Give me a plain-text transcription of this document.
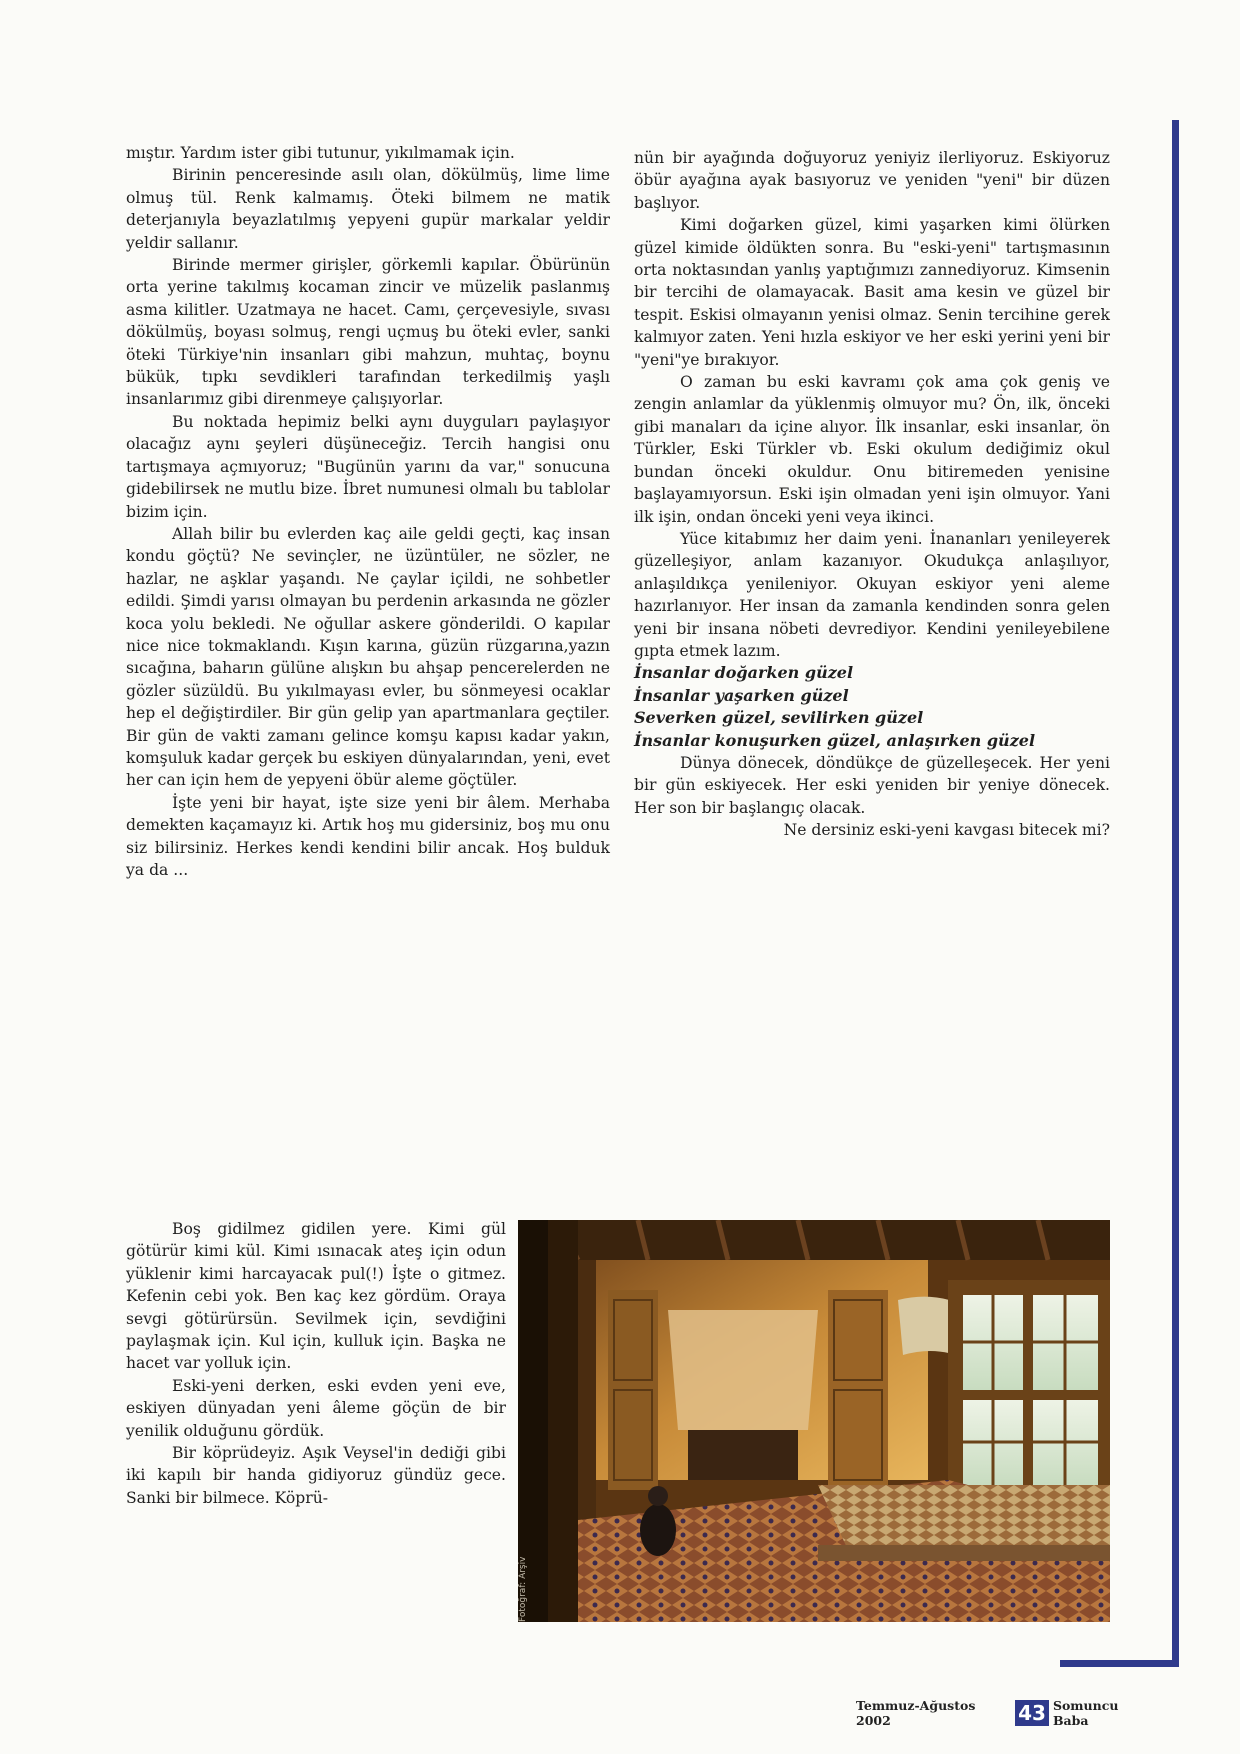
mıştır. Yardım ister gibi tutunur, yıkılmamak için.

Birinin penceresinde asılı olan, dökülmüş, lime lime olmuş tül. Renk kalmamış. Öteki bilmem ne matik deterjanıyla beyazlatılmış yepyeni gupür markalar yeldir yeldir sallanır.

Birinde mermer girişler, görkemli kapılar. Öbürünün orta yerine takılmış kocaman zincir ve müzelik paslanmış asma kilitler. Uzatmaya ne hacet. Camı, çerçevesiyle, sıvası dökülmüş, boyası solmuş, rengi uçmuş bu öteki evler, sanki öteki Türkiye'nin insanları gibi mahzun, muhtaç, boynu bükük, tıpkı sevdikleri tarafından terkedilmiş yaşlı insanlarımız gibi direnmeye çalışıyorlar.

Bu noktada hepimiz belki aynı duyguları paylaşıyor olacağız aynı şeyleri düşüneceğiz. Tercih hangisi onu tartışmaya açmıyoruz; "Bugünün yarını da var," sonucuna gidebilirsek ne mutlu bize. İbret numunesi olmalı bu tablolar bizim için.

Allah bilir bu evlerden kaç aile geldi geçti, kaç insan kondu göçtü? Ne sevinçler, ne üzüntüler, ne sözler, ne hazlar, ne aşklar yaşandı. Ne çaylar içildi, ne sohbetler edildi. Şimdi yarısı olmayan bu perdenin arkasında ne gözler koca yolu bekledi. Ne oğullar askere gönderildi. O kapılar nice nice tokmaklandı. Kışın karına, güzün rüzgarına,yazın sıcağına, baharın gülüne alışkın bu ahşap pencerelerden ne gözler süzüldü. Bu yıkılmayası evler, bu sönmeyesi ocaklar hep el değiştirdiler. Bir gün gelip yan apartmanlara geçtiler. Bir gün de vakti zamanı gelince komşu kapısı kadar yakın, komşuluk kadar gerçek bu eskiyen dünyalarından, yeni, evet her can için hem de yepyeni öbür aleme göçtüler.

İşte yeni bir hayat, işte size yeni bir âlem. Merhaba demekten kaçamayız ki. Artık hoş mu gidersiniz, boş mu onu siz bilirsiniz. Herkes kendi kendini bilir ancak. Hoş bulduk ya da ...

Boş gidilmez gidilen yere. Kimi gül götürür kimi kül. Kimi ısınacak ateş için odun yüklenir kimi harcayacak pul(!) İşte o gitmez. Kefenin cebi yok. Ben kaç kez gördüm. Oraya sevgi götürürsün. Sevilmek için, sevdiğini paylaşmak için. Kul için, kulluk için. Başka ne hacet var yolluk için.

Eski-yeni derken, eski evden yeni eve, eskiyen dünyadan yeni âleme göçün de bir yenilik olduğunu gördük.

Bir köprüdeyiz. Aşık Veysel'in dediği gibi iki kapılı bir handa gidiyoruz gündüz gece. Sanki bir bilmece. Köprü-

nün bir ayağında doğuyoruz yeniyiz ilerliyoruz. Eskiyoruz öbür ayağına ayak basıyoruz ve yeniden "yeni" bir düzen başlıyor.

Kimi doğarken güzel, kimi yaşarken kimi ölürken güzel kimide öldükten sonra. Bu "eski-yeni" tartışmasının orta noktasından yanlış yaptığımızı zannediyoruz. Kimsenin bir tercihi de olamayacak. Basit ama kesin ve güzel bir tespit. Eskisi olmayanın yenisi olmaz. Senin tercihine gerek kalmıyor zaten. Yeni hızla eskiyor ve her eski yerini yeni bir "yeni"ye bırakıyor.

O zaman bu eski kavramı çok ama çok geniş ve zengin anlamlar da yüklenmiş olmuyor mu? Ön, ilk, önceki gibi manaları da içine alıyor. İlk insanlar, eski insanlar, ön Türkler, Eski Türkler vb. Eski okulum dediğimiz okul bundan önceki okuldur. Onu bitiremeden yenisine başlayamıyorsun. Eski işin olmadan yeni işin olmuyor. Yani ilk işin, ondan önceki yeni veya ikinci.

Yüce kitabımız her daim yeni. İnananları yenileyerek güzelleşiyor, anlam kazanıyor. Okudukça anlaşılıyor, anlaşıldıkça yenileniyor. Okuyan eskiyor yeni aleme hazırlanıyor. Her insan da zamanla kendinden sonra gelen yeni bir insana nöbeti devrediyor. Kendini yenileyebilene gıpta etmek lazım.

İnsanlar doğarken güzel

İnsanlar yaşarken güzel

Severken güzel, sevilirken güzel

İnsanlar konuşurken güzel, anlaşırken güzel

Dünya dönecek, döndükçe de güzelleşecek. Her yeni bir gün eskiyecek. Her eski yeniden bir yeniye dönecek. Her son bir başlangıç olacak.

Ne dersiniz eski-yeni kavgası bitecek mi?

Fotoğraf: Arşiv
Temmuz-Ağustos 2002	43 Somuncu Baba
